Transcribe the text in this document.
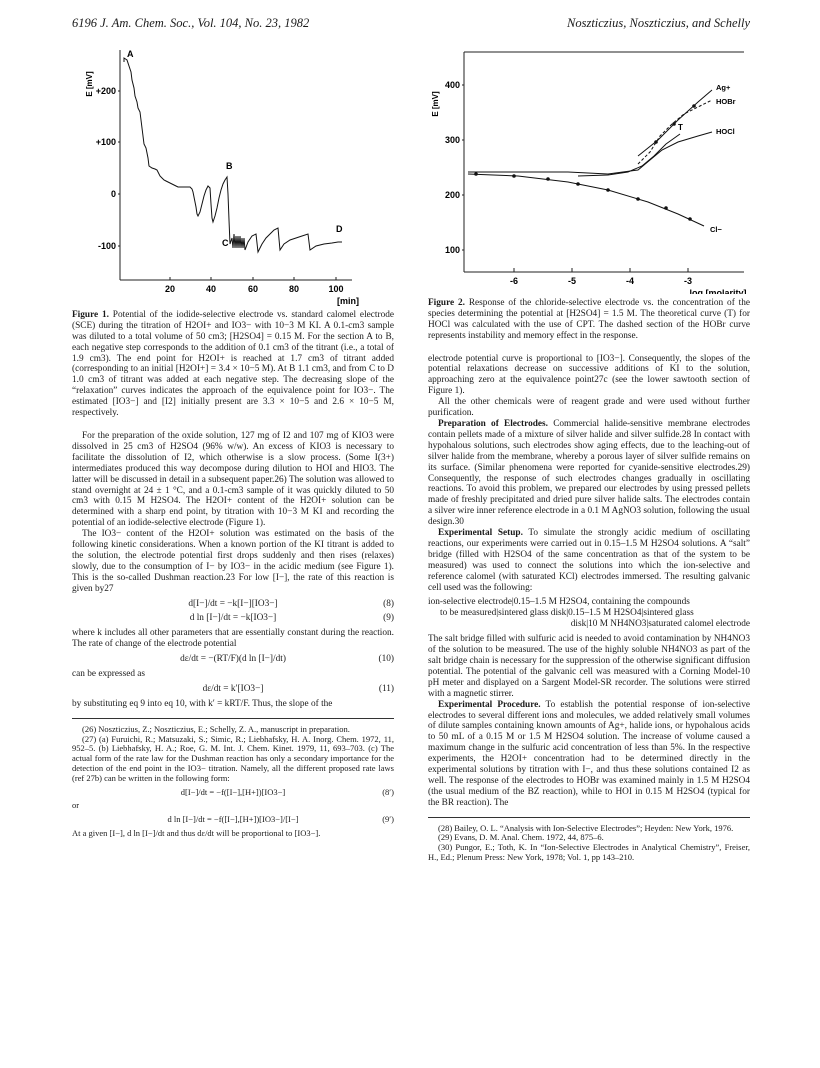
6196 J. Am. Chem. Soc., Vol. 104, No. 23, 1982	Noszticzius, Noszticzius, and Schelly
E [mV] +200
+100
0
-100
20	40	60	80	100
[min]
A
B
C
D
Figure 1. Potential of the iodide-selective electrode vs. standard calomel electrode (SCE) during the titration of H2OI+ and IO3− with 10−3 M KI. A 0.1-cm3 sample was diluted to a total volume of 50 cm3; [H2SO4] = 0.15 M. For the section A to B, each negative step corresponds to the addition of 0.1 cm3 of the titrant (i.e., a total of 1.9 cm3). The end point for H2OI+ is reached at 1.7 cm3 of titrant added (corresponding to an initial [H2OI+] = 3.4 × 10−5 M). At B 1.1 cm3, and from C to D 1.0 cm3 of titrant was added at each negative step. The decreasing slope of the “relaxation” curves indicates the approach of the equivalence point for IO3−. The estimated [IO3−] and [I2] initially present are 3.3 × 10−5 and 2.6 × 10−5 M, respectively.

For the preparation of the oxide solution, 127 mg of I2 and 107 mg of KIO3 were dissolved in 25 cm3 of H2SO4 (96% w/w). An excess of KIO3 is necessary to facilitate the dissolution of I2, which otherwise is a slow process. (Some I(3+) intermediates produced this way decompose during dilution to HOI and HIO3. The latter will be discussed in detail in a subsequent paper.26) The solution was allowed to stand overnight at 24 ± 1 °C, and a 0.1-cm3 sample of it was quickly diluted to 50 cm3 with 0.15 M H2SO4. The H2OI+ content of the H2OI+ solution can be determined with a sharp end point, by titration with 10−3 M KI and recording the potential of an iodide-selective electrode (Figure 1).

The IO3− content of the H2OI+ solution was estimated on the basis of the following kinetic considerations. When a known portion of the KI titrant is added to the solution, the electrode potential first drops suddenly and then rises (relaxes) slowly, due to the consumption of I− by IO3− in the acidic medium (see Figure 1). This is the so-called Dushman reaction.23 For low [I−], the rate of this reaction is given by27

d[I−]/dt = −k[I−][IO3−]	(8)
d ln [I−]/dt = −k[IO3−]	(9)

where k includes all other parameters that are essentially constant during the reaction. The rate of change of the electrode potential

dε/dt = −(RT/F)(d ln [I−]/dt)	(10)

can be expressed as

dε/dt = k′[IO3−]	(11)

by substituting eq 9 into eq 10, with k′ = kRT/F. Thus, the slope of the

(26) Noszticzius, Z.; Noszticzius, E.; Schelly, Z. A., manuscript in preparation.

(27) (a) Furuichi, R.; Matsuzaki, S.; Simic, R.; Liebhafsky, H. A. Inorg. Chem. 1972, 11, 952–5. (b) Liebhafsky, H. A.; Roe, G. M. Int. J. Chem. Kinet. 1979, 11, 693–703. (c) The actual form of the rate law for the Dushman reaction has only a secondary importance for the detection of the end point in the IO3− titration. Namely, all the different proposed rate laws (ref 27b) can be written in the following form:

d[I−]/dt = −f([I−],[H+])[IO3−]	(8′)

or

d ln [I−]/dt = −f([I−],[H+])[IO3−]/[I−]	(9′)

At a given [I−], d ln [I−]/dt and thus dε/dt will be proportional to [IO3−].

E [mV]
400
300
200
100
-6	-5	-4	-3
log [molarity]
Ag+
HOBr
T	HOCl
Cl−
Figure 2. Response of the chloride-selective electrode vs. the concentration of the species determining the potential at [H2SO4] = 1.5 M. The theoretical curve (T) for HOCl was calculated with the use of CPT. The dashed section of the HOBr curve represents instability and memory effect in the response.

electrode potential curve is proportional to [IO3−]. Consequently, the slopes of the potential relaxations decrease on successive additions of KI to the solution, approaching zero at the equivalence point27c (see the lower sawtooth section of Figure 1).

All the other chemicals were of reagent grade and were used without further purification.

Preparation of Electrodes. Commercial halide-sensitive membrane electrodes contain pellets made of a mixture of silver halide and silver sulfide.28 In contact with hypohalous solutions, such electrodes show aging effects, due to the leaching-out of silver halide from the membrane, whereby a porous layer of silver sulfide remains on its surface. (Similar phenomena were reported for cyanide-sensitive electrodes.29) Consequently, the response of such electrodes changes gradually in oscillating reactions. To avoid this problem, we prepared our electrodes by using pressed pellets made of freshly precipitated and dried pure silver halide salts. The electrodes contain a silver wire inner reference electrode in a 0.1 M AgNO3 solution, following the usual design.30

Experimental Setup. To simulate the strongly acidic medium of oscillating reactions, our experiments were carried out in 0.15–1.5 M H2SO4 solutions. A “salt” bridge (filled with H2SO4 of the same concentration as that of the system to be measured) was used to connect the solutions into which the ion-selective and reference calomel (with saturated KCl) electrodes immersed. The resulting galvanic cell used was the following:

ion-selective electrode|0.15–1.5 M H2SO4, containing the compounds
to be measured|sintered glass disk|0.15–1.5 M H2SO4|sintered glass
disk|10 M NH4NO3|saturated calomel electrode

The salt bridge filled with sulfuric acid is needed to avoid contamination by NH4NO3 of the solution to be measured. The use of the highly soluble NH4NO3 as part of the salt bridge chain is necessary for the suppression of the otherwise significant diffusion potential. The potential of the galvanic cell was measured with a Corning Model-10 pH meter and displayed on a Sargent Model-SR recorder. The solutions were stirred with a magnetic stirrer.

Experimental Procedure. To establish the potential response of ion-selective electrodes to several different ions and molecules, we added relatively small volumes of dilute samples containing known amounts of Ag+, halide ions, or hypohalous acids to 50 mL of a 0.15 M or 1.5 M H2SO4 solution. The increase of volume caused a maximum change in the sulfuric acid concentration of less than 5%. In the respective experiments, the H2OI+ concentration had to be determined directly in the experimental solutions by titration with I−, and thus these solutions contained I2 as well. The response of the electrodes to HOBr was examined mainly in 1.5 M H2SO4 (the usual medium of the BZ reaction), while to HOI in 0.15 M H2SO4 (typical for the BR reaction). The

(28) Bailey, O. L. “Analysis with Ion-Selective Electrodes”; Heyden: New York, 1976.

(29) Evans, D. M. Anal. Chem. 1972, 44, 875–6.

(30) Pungor, E.; Toth, K. In “Ion-Selective Electrodes in Analytical Chemistry”, Freiser, H., Ed.; Plenum Press: New York, 1978; Vol. 1, pp 143–210.
